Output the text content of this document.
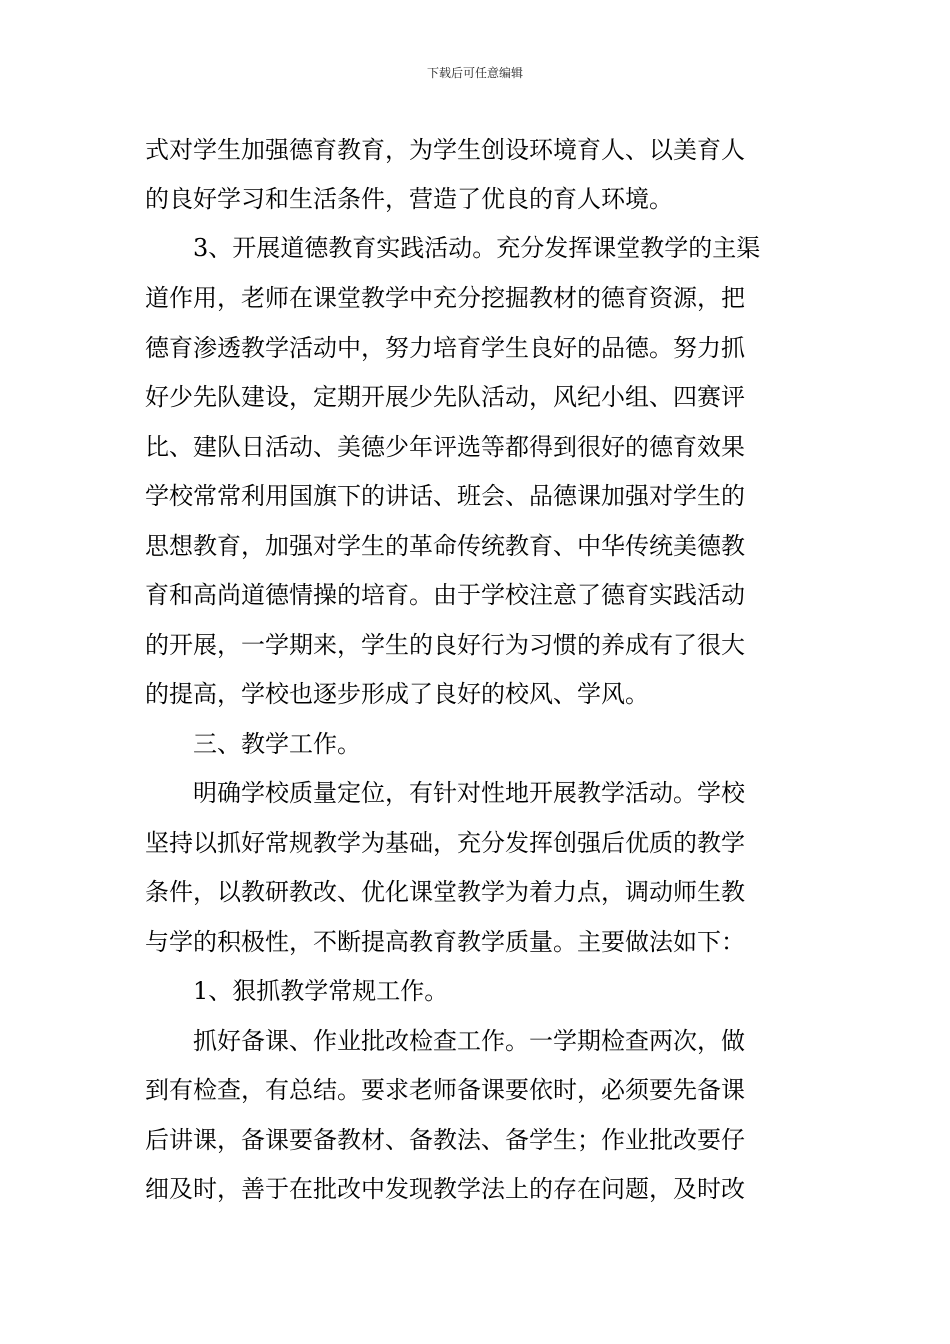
下载后可任意编辑
式对学生加强德育教育，为学生创设环境育人、以美育人
的良好学习和生活条件，营造了优良的育人环境。
3、开展道德教育实践活动。充分发挥课堂教学的主渠
道作用，老师在课堂教学中充分挖掘教材的德育资源，把
德育渗透教学活动中，努力培育学生良好的品德。努力抓
好少先队建设，定期开展少先队活动，风纪小组、四赛评
比、建队日活动、美德少年评选等都得到很好的德育效果
学校常常利用国旗下的讲话、班会、品德课加强对学生的
思想教育，加强对学生的革命传统教育、中华传统美德教
育和高尚道德情操的培育。由于学校注意了德育实践活动
的开展，一学期来，学生的良好行为习惯的养成有了很大
的提高，学校也逐步形成了良好的校风、学风。
三、教学工作。
明确学校质量定位，有针对性地开展教学活动。学校
坚持以抓好常规教学为基础，充分发挥创强后优质的教学
条件，以教研教改、优化课堂教学为着力点，调动师生教
与学的积极性，不断提高教育教学质量。主要做法如下：
1、狠抓教学常规工作。
抓好备课、作业批改检查工作。一学期检查两次，做
到有检查，有总结。要求老师备课要依时，必须要先备课
后讲课，备课要备教材、备教法、备学生；作业批改要仔
细及时，善于在批改中发现教学法上的存在问题，及时改
